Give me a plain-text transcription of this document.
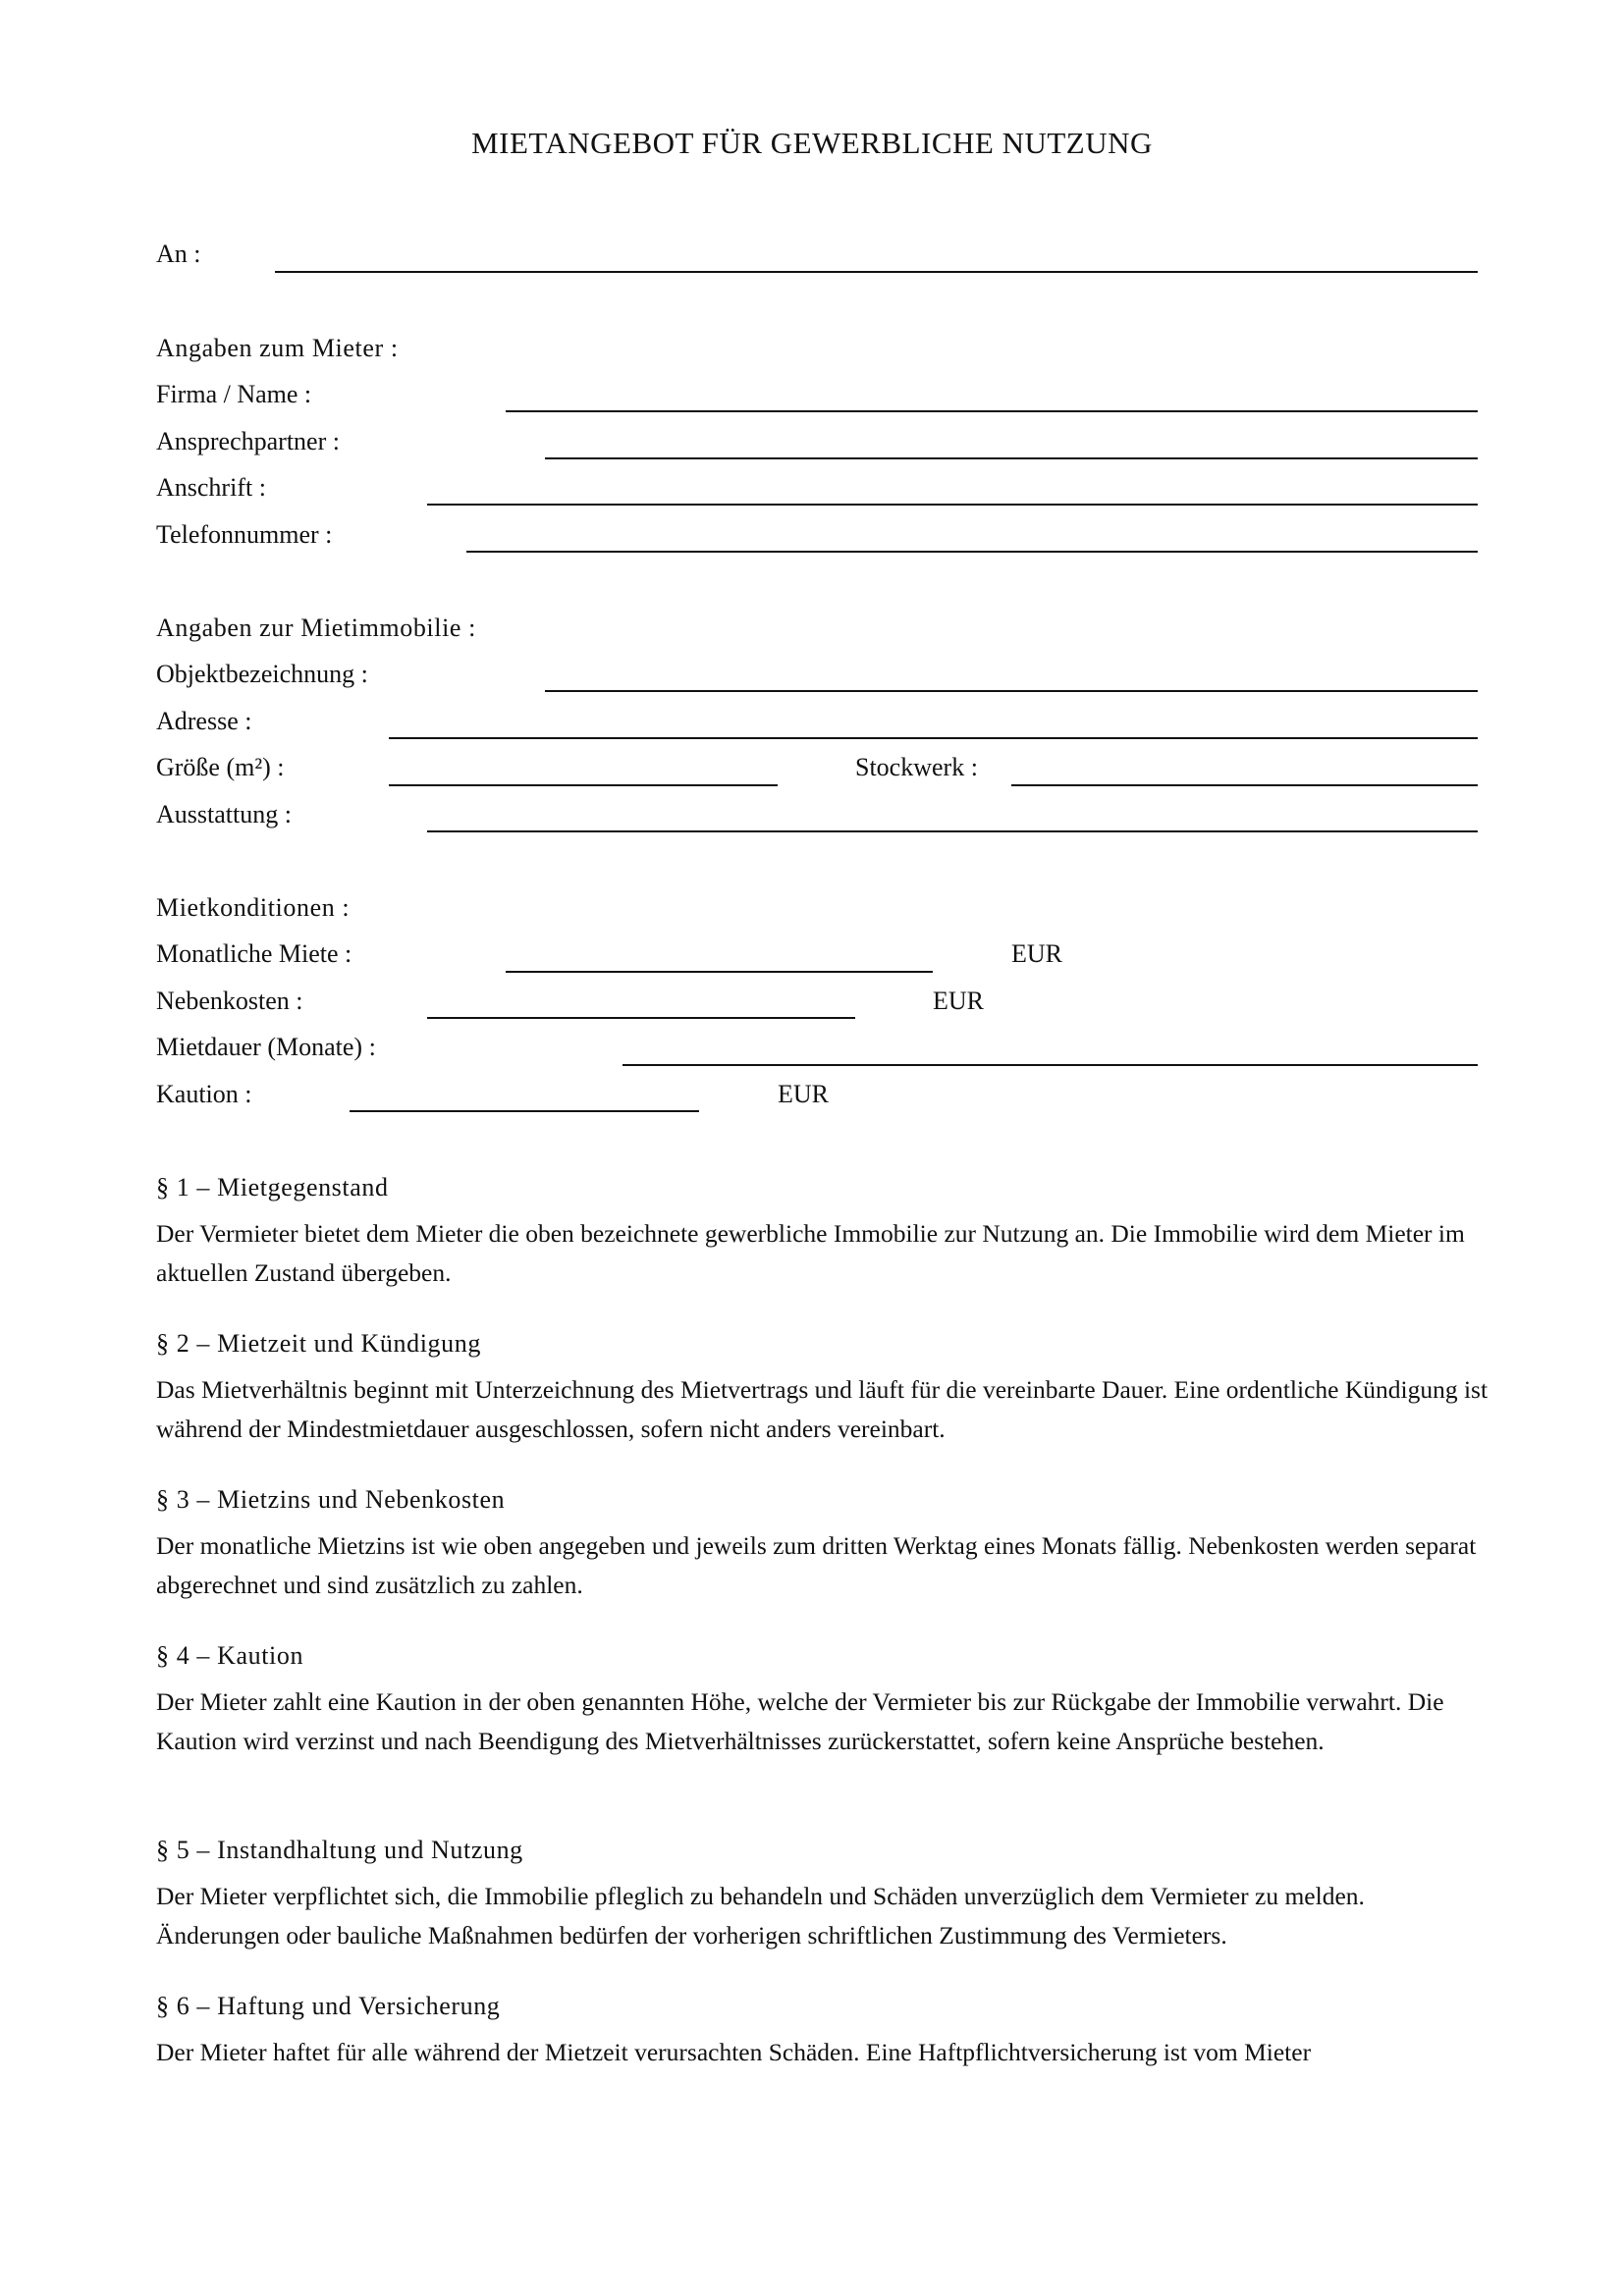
MIETANGEBOT FÜR GEWERBLICHE NUTZUNG
An :
Angaben zum Mieter :
Firma / Name :
Ansprechpartner :
Anschrift :
Telefonnummer :
Angaben zur Mietimmobilie :
Objektbezeichnung :
Adresse :
Größe (m²) :	Stockwerk :
Ausstattung :
Mietkonditionen :
Monatliche Miete :	EUR
Nebenkosten :	EUR
Mietdauer (Monate) :
Kaution :	EUR
§ 1 – Mietgegenstand
Der Vermieter bietet dem Mieter die oben bezeichnete gewerbliche Immobilie zur Nutzung an. Die Immobilie wird dem Mieter im aktuellen Zustand übergeben.
§ 2 – Mietzeit und Kündigung
Das Mietverhältnis beginnt mit Unterzeichnung des Mietvertrags und läuft für die vereinbarte Dauer. Eine ordentliche Kündigung ist während der Mindestmietdauer ausgeschlossen, sofern nicht anders vereinbart.
§ 3 – Mietzins und Nebenkosten
Der monatliche Mietzins ist wie oben angegeben und jeweils zum dritten Werktag eines Monats fällig. Nebenkosten werden separat abgerechnet und sind zusätzlich zu zahlen.
§ 4 – Kaution
Der Mieter zahlt eine Kaution in der oben genannten Höhe, welche der Vermieter bis zur Rückgabe der Immobilie verwahrt. Die Kaution wird verzinst und nach Beendigung des Mietverhältnisses zurückerstattet, sofern keine Ansprüche bestehen.
§ 5 – Instandhaltung und Nutzung
Der Mieter verpflichtet sich, die Immobilie pfleglich zu behandeln und Schäden unverzüglich dem Vermieter zu melden. Änderungen oder bauliche Maßnahmen bedürfen der vorherigen schriftlichen Zustimmung des Vermieters.
§ 6 – Haftung und Versicherung
Der Mieter haftet für alle während der Mietzeit verursachten Schäden. Eine Haftpflichtversicherung ist vom Mieter
